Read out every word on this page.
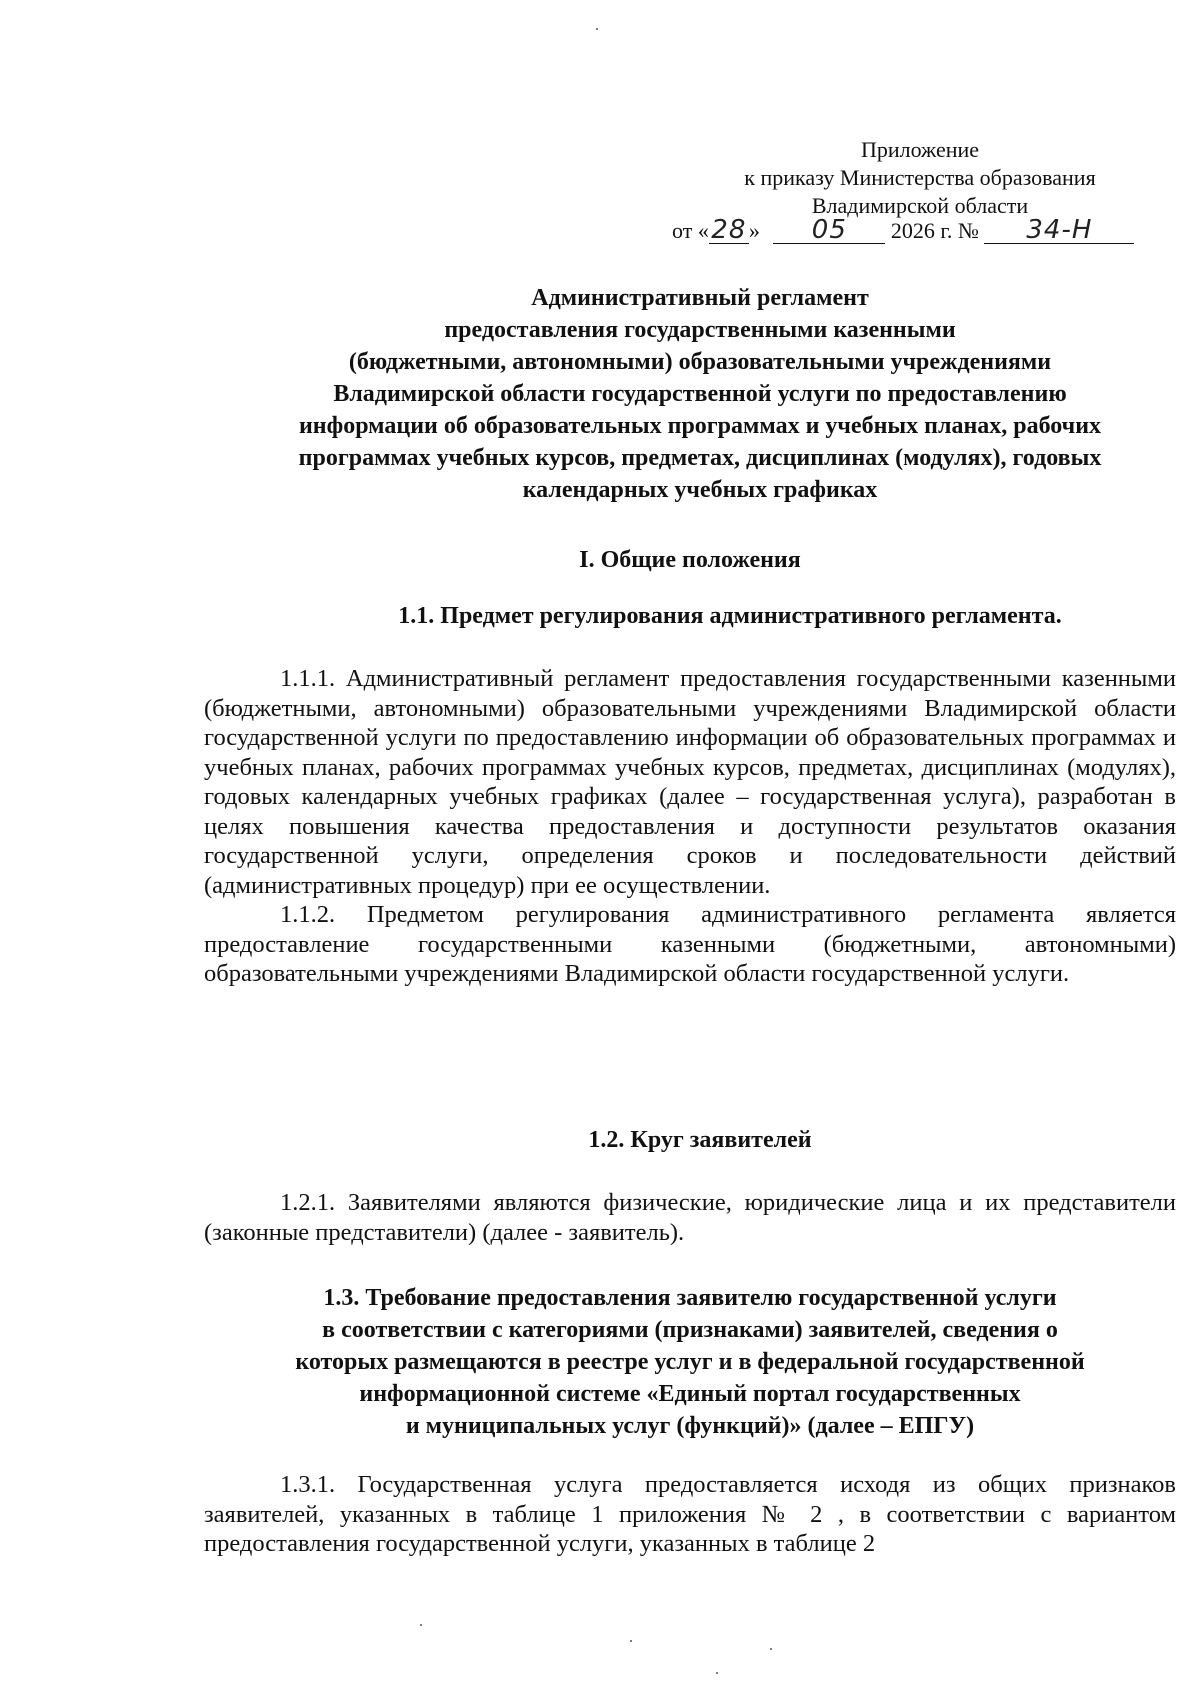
Приложение
к приказу Министерства образования
Владимирской области
от «28 » 05 2026 г. № 34-Н
Административный регламент
предоставления государственными казенными
(бюджетными, автономными) образовательными учреждениями
Владимирской области государственной услуги по предоставлению
информации об образовательных программах и учебных планах, рабочих
программах учебных курсов, предметах, дисциплинах (модулях), годовых
календарных учебных графиках
I. Общие положения
1.1. Предмет регулирования административного регламента.

1.1.1. Административный регламент предоставления государственными казенными (бюджетными, автономными) образовательными учреждениями Владимирской области государственной услуги по предоставлению информации об образовательных программах и учебных планах, рабочих программах учебных курсов, предметах, дисциплинах (модулях), годовых календарных учебных графиках (далее – государственная услуга), разработан в целях повышения качества предоставления и доступности результатов оказания государственной услуги, определения сроков и последовательности действий (административных процедур) при ее осуществлении.

1.1.2. Предметом регулирования административного регламента является предоставление государственными казенными (бюджетными, автономными) образовательными учреждениями Владимирской области государственной услуги.

1.2. Круг заявителей

1.2.1. Заявителями являются физические, юридические лица и их представители (законные представители) (далее - заявитель).

1.3. Требование предоставления заявителю государственной услуги
в соответствии с категориями (признаками) заявителей, сведения о
которых размещаются в реестре услуг и в федеральной государственной
информационной системе «Единый портал государственных
и муниципальных услуг (функций)» (далее – ЕПГУ)

1.3.1. Государственная услуга предоставляется исходя из общих признаков заявителей, указанных в таблице 1 приложения № 2 , в соответствии с вариантом предоставления государственной услуги, указанных в таблице 2
